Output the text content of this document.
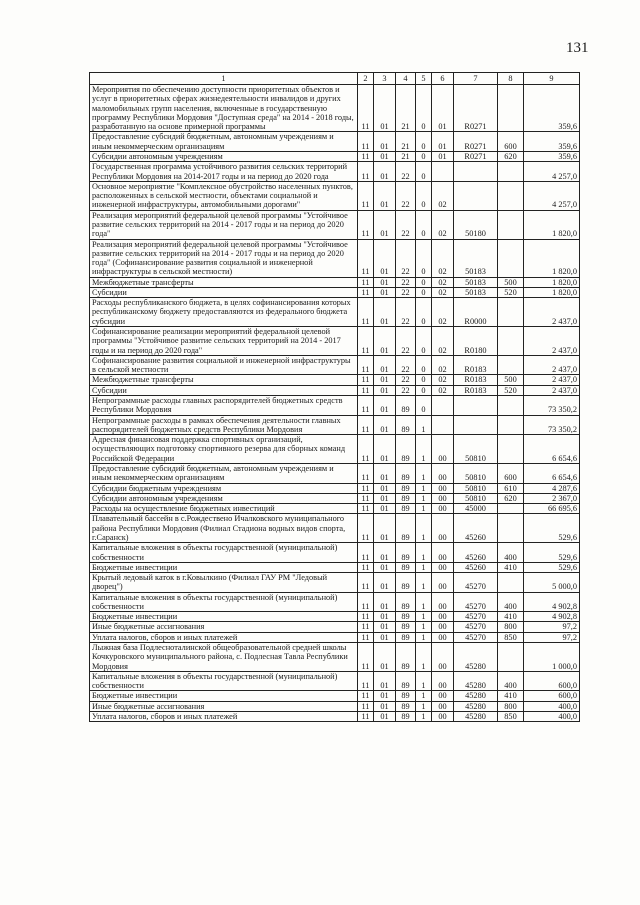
131
1	2	3	4	5	6	7	8	9
Мероприятия по обеспечению доступности приоритетных объектов и услуг в приоритетных сферах жизнедеятельности инвалидов и других маломобильных групп населения, включенные в государственную программу Республики Мордовия "Доступная среда" на 2014 - 2018 годы, разработанную на основе примерной программы	11	01	21	0	01	R0271		359,6
Предоставление субсидий бюджетным, автономным учреждениям и иным некоммерческим организациям	11	01	21	0	01	R0271	600	359,6
Субсидии автономным учреждениям	11	01	21	0	01	R0271	620	359,6
Государственная программа устойчивого развития сельских территорий Республики Мордовия на 2014-2017 годы и на период до 2020 года	11	01	22	0				4 257,0
Основное мероприятие "Комплексное обустройство населенных пунктов, расположенных в сельской местности, объектами социальной и инженерной инфраструктуры, автомобильными дорогами"	11	01	22	0	02			4 257,0
Реализация мероприятий федеральной целевой программы "Устойчивое развитие сельских территорий на 2014 - 2017 годы и на период до 2020 года"	11	01	22	0	02	50180		1 820,0
Реализация мероприятий федеральной целевой программы "Устойчивое развитие сельских территорий на 2014 - 2017 годы и на период до 2020 года" (Софинансирование развития социальной и инженерной инфраструктуры в сельской местности)	11	01	22	0	02	50183		1 820,0
Межбюджетные трансферты	11	01	22	0	02	50183	500	1 820,0
Субсидии	11	01	22	0	02	50183	520	1 820,0
Расходы республиканского бюджета, в целях софинансирования которых республиканскому бюджету предоставляются из федерального бюджета субсидии	11	01	22	0	02	R0000		2 437,0
Софинансирование реализации мероприятий федеральной целевой программы "Устойчивое развитие сельских территорий на 2014 - 2017 годы и на период до 2020 года"	11	01	22	0	02	R0180		2 437,0
Софинансирование развития социальной и инженерной инфраструктуры в сельской местности	11	01	22	0	02	R0183		2 437,0
Межбюджетные трансферты	11	01	22	0	02	R0183	500	2 437,0
Субсидии	11	01	22	0	02	R0183	520	2 437,0
Непрограммные расходы главных распорядителей бюджетных средств Республики Мордовия	11	01	89	0				73 350,2
Непрограммные расходы в рамках обеспечения деятельности главных распорядителей бюджетных средств Республики Мордовия	11	01	89	1				73 350,2
Адресная финансовая поддержка спортивных организаций, осуществляющих подготовку спортивного резерва для сборных команд Российской Федерации	11	01	89	1	00	50810		6 654,6
Предоставление субсидий бюджетным, автономным учреждениям и иным некоммерческим организациям	11	01	89	1	00	50810	600	6 654,6
Субсидии бюджетным учреждениям	11	01	89	1	00	50810	610	4 287,6
Субсидии автономным учреждениям	11	01	89	1	00	50810	620	2 367,0
Расходы на осуществление бюджетных инвестиций	11	01	89	1	00	45000		66 695,6
Плавательный бассейн в с.Рождествено Ичалковского муниципального района Республики Мордовия (Филиал Стадиона водных видов спорта, г.Саранск)	11	01	89	1	00	45260		529,6
Капитальные вложения в объекты государственной (муниципальной) собственности	11	01	89	1	00	45260	400	529,6
Бюджетные инвестиции	11	01	89	1	00	45260	410	529,6
Крытый ледовый каток в г.Ковылкино (Филиал ГАУ РМ "Ледовый дворец")	11	01	89	1	00	45270		5 000,0
Капитальные вложения в объекты государственной (муниципальной) собственности	11	01	89	1	00	45270	400	4 902,8
Бюджетные инвестиции	11	01	89	1	00	45270	410	4 902,8
Иные бюджетные ассигнования	11	01	89	1	00	45270	800	97,2
Уплата налогов, сборов и иных платежей	11	01	89	1	00	45270	850	97,2
Лыжная база Подлесноталинской общеобразовательной средней школы Кочкуровского муниципального района, с. Подлесная Тавла Республики Мордовия	11	01	89	1	00	45280		1 000,0
Капитальные вложения в объекты государственной (муниципальной) собственности	11	01	89	1	00	45280	400	600,0
Бюджетные инвестиции	11	01	89	1	00	45280	410	600,0
Иные бюджетные ассигнования	11	01	89	1	00	45280	800	400,0
Уплата налогов, сборов и иных платежей	11	01	89	1	00	45280	850	400,0
